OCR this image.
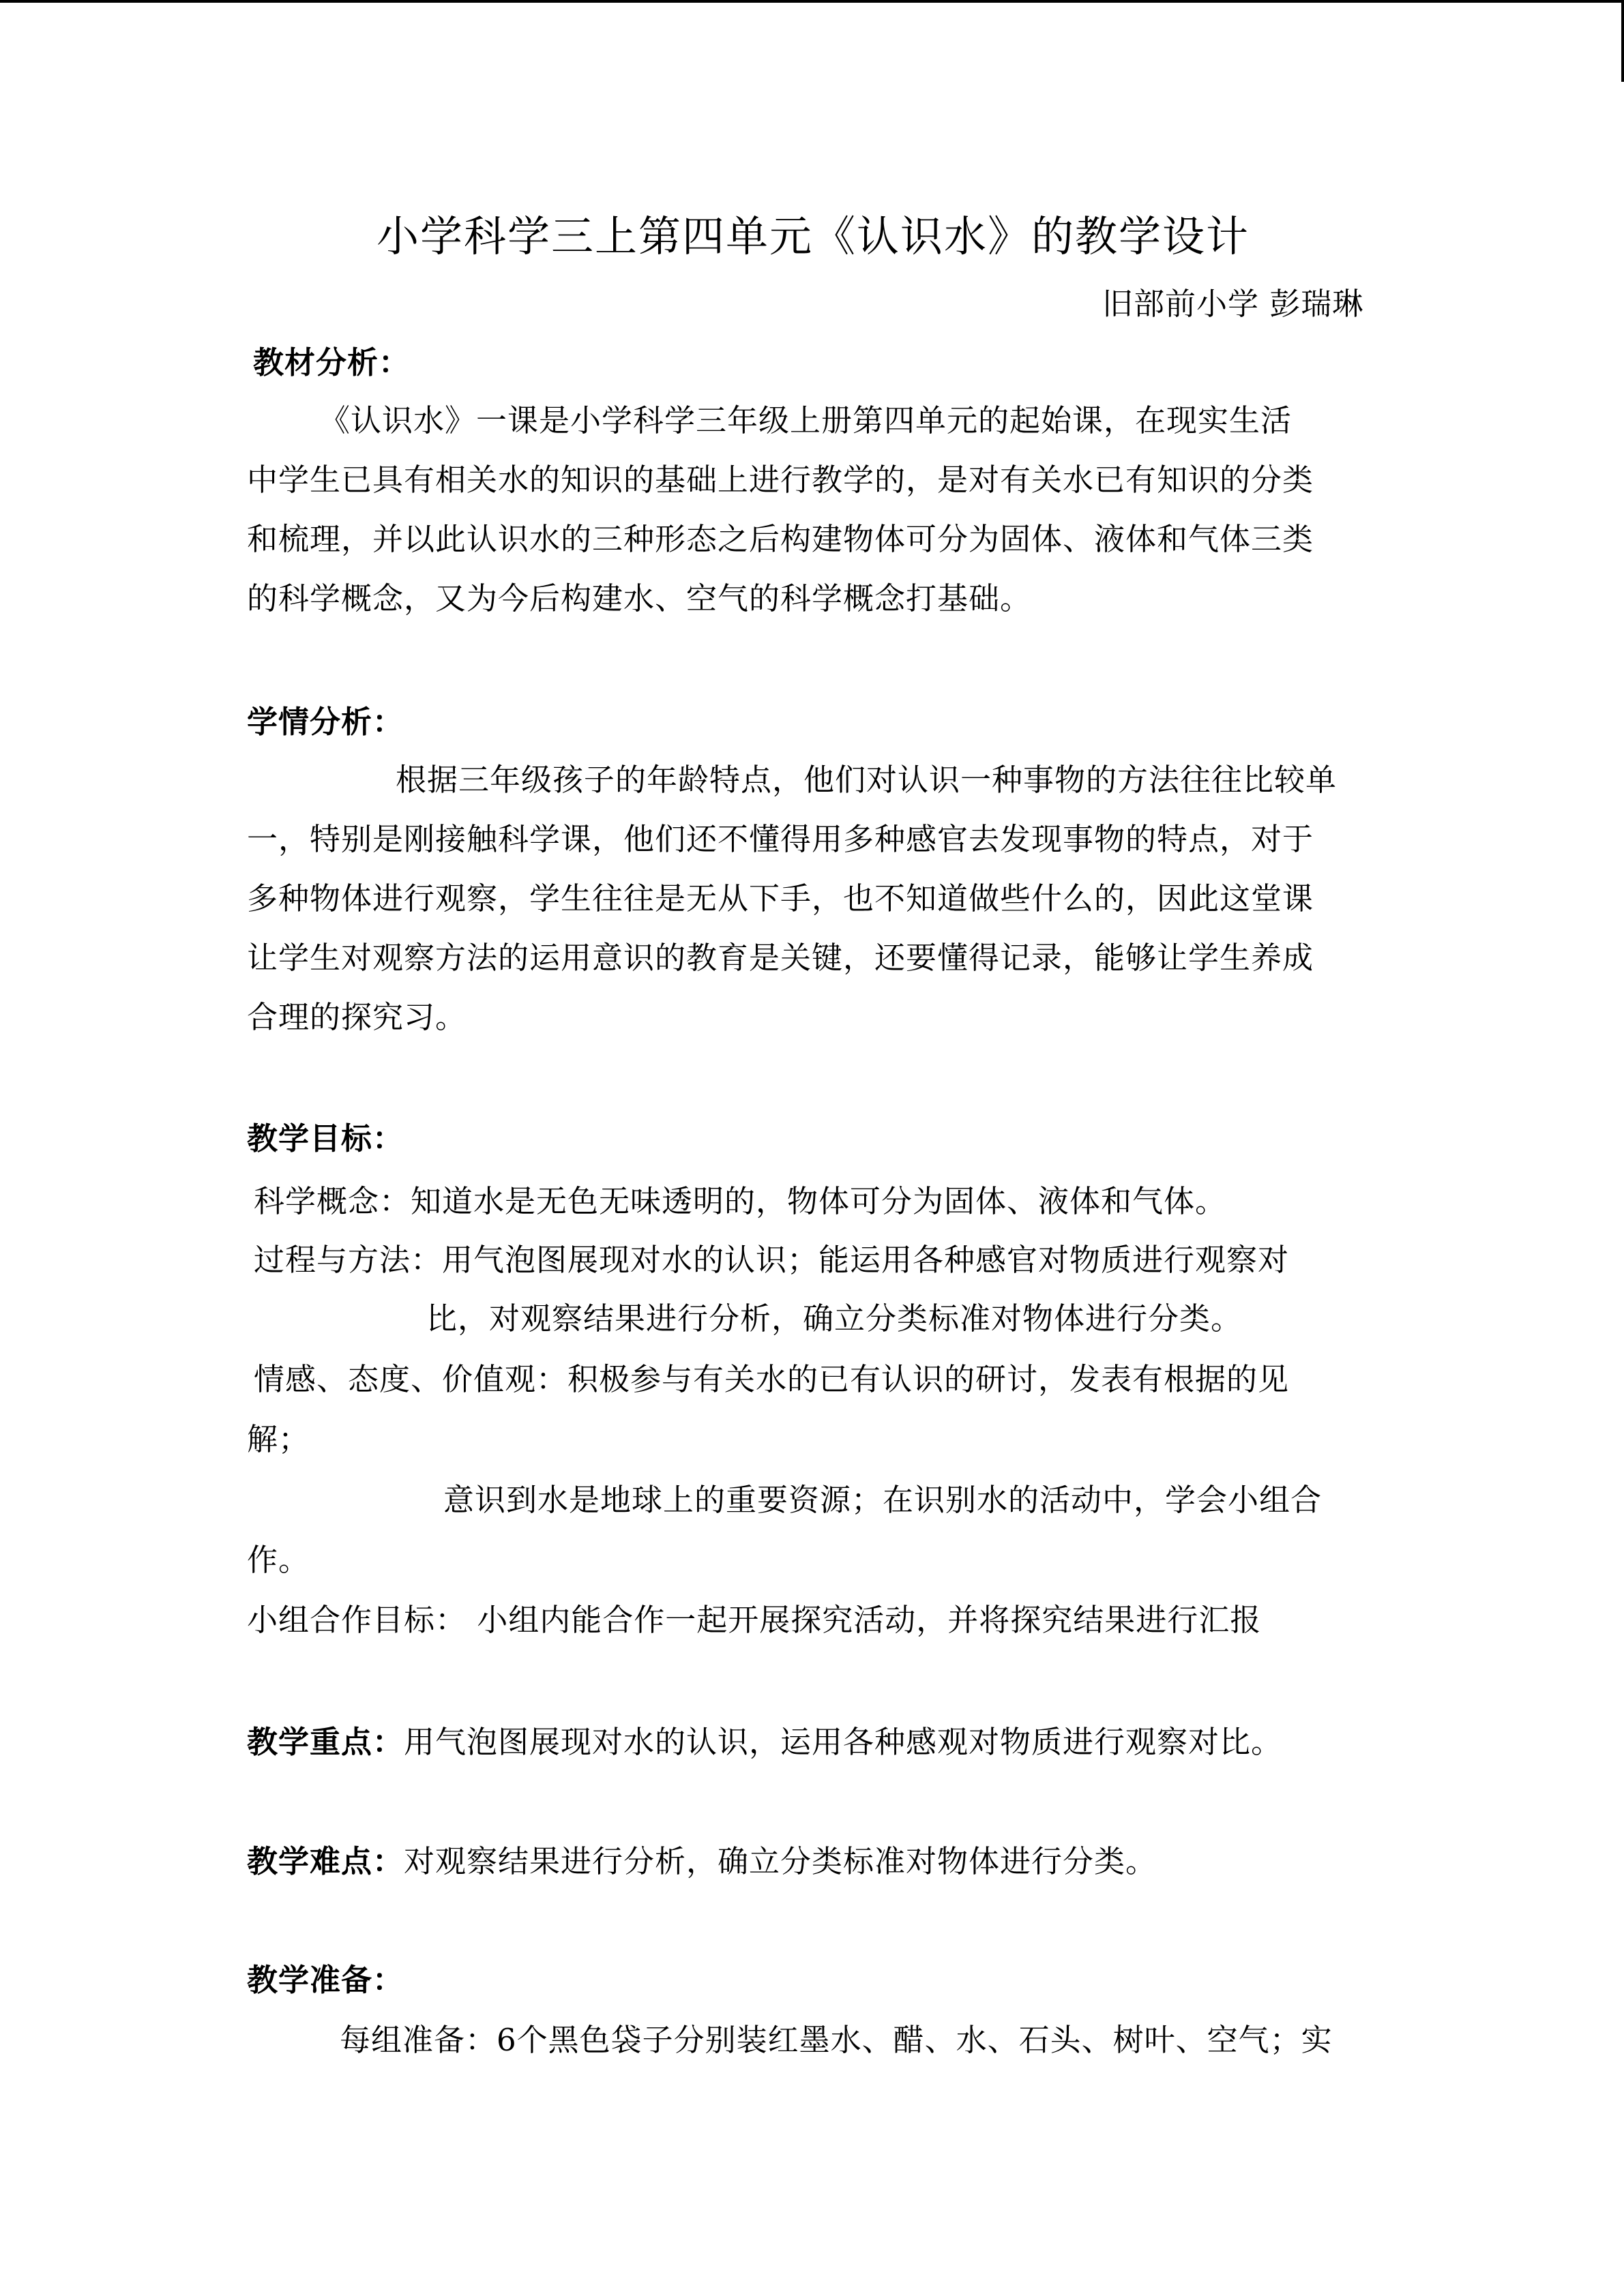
小学科学三上第四单元《认识水》的教学设计
旧部前小学 彭瑞琳
教材分析：
《认识水》一课是小学科学三年级上册第四单元的起始课，在现实生活
中学生已具有相关水的知识的基础上进行教学的，是对有关水已有知识的分类
和梳理，并以此认识水的三种形态之后构建物体可分为固体、液体和气体三类
的科学概念，又为今后构建水、空气的科学概念打基础。
学情分析：
根据三年级孩子的年龄特点，他们对认识一种事物的方法往往比较单
一，特别是刚接触科学课，他们还不懂得用多种感官去发现事物的特点，对于
多种物体进行观察，学生往往是无从下手，也不知道做些什么的，因此这堂课
让学生对观察方法的运用意识的教育是关键，还要懂得记录，能够让学生养成
合理的探究习。
教学目标：
科学概念：知道水是无色无味透明的，物体可分为固体、液体和气体。
过程与方法：用气泡图展现对水的认识；能运用各种感官对物质进行观察对
比，对观察结果进行分析，确立分类标准对物体进行分类。
情感、态度、价值观：积极参与有关水的已有认识的研讨，发表有根据的见
解；
意识到水是地球上的重要资源；在识别水的活动中，学会小组合
作。
小组合作目标： 小组内能合作一起开展探究活动，并将探究结果进行汇报
教学重点：用气泡图展现对水的认识，运用各种感观对物质进行观察对比。
教学难点：对观察结果进行分析，确立分类标准对物体进行分类。
教学准备：
每组准备：6个黑色袋子分别装红墨水、醋、水、石头、树叶、空气；实
